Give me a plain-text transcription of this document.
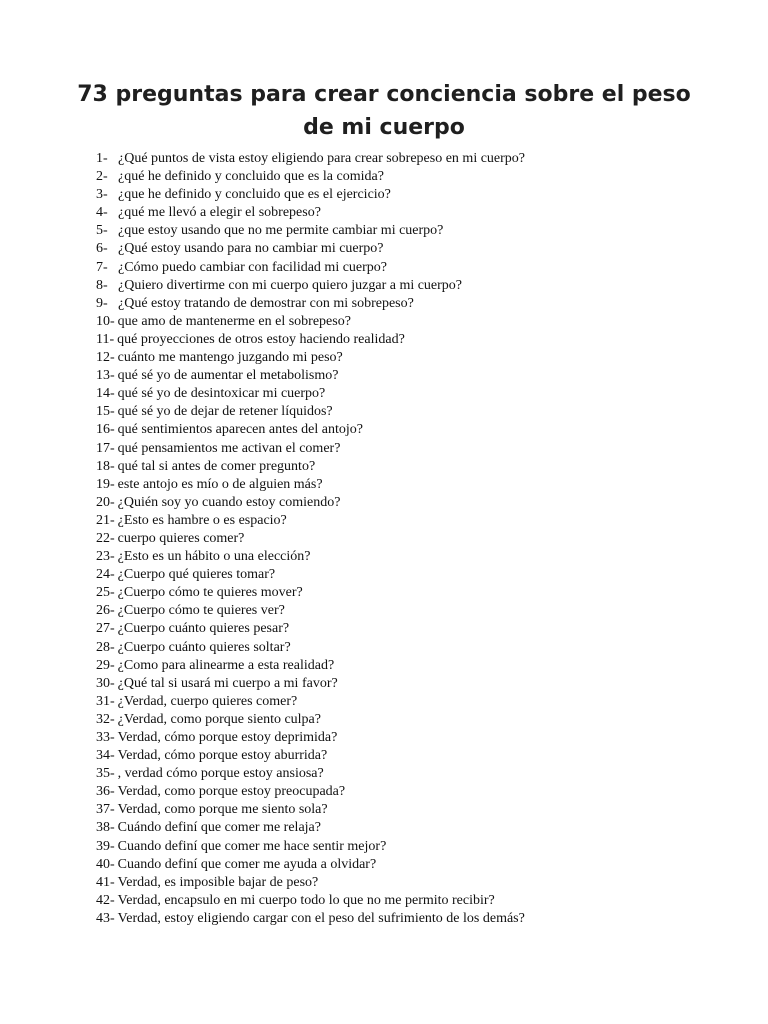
73 preguntas para crear conciencia sobre el peso de mi cuerpo
1- ¿Qué puntos de vista estoy eligiendo para crear sobrepeso en mi cuerpo?
2- ¿qué he definido y concluido que es la comida?
3- ¿que he definido y concluido que es el ejercicio?
4- ¿qué me llevó a elegir el sobrepeso?
5- ¿que estoy usando que no me permite cambiar mi cuerpo?
6- ¿Qué estoy usando para no cambiar mi cuerpo?
7- ¿Cómo puedo cambiar con facilidad mi cuerpo?
8- ¿Quiero divertirme con mi cuerpo quiero juzgar a mi cuerpo?
9- ¿Qué estoy tratando de demostrar con mi sobrepeso?
10- que amo de mantenerme en el sobrepeso?
11- qué proyecciones de otros estoy haciendo realidad?
12- cuánto me mantengo juzgando mi peso?
13- qué sé yo de aumentar el metabolismo?
14- qué sé yo de desintoxicar mi cuerpo?
15- qué sé yo de dejar de retener líquidos?
16- qué sentimientos aparecen antes del antojo?
17- qué pensamientos me activan el comer?
18- qué tal si antes de comer pregunto?
19- este antojo es mío o de alguien más?
20- ¿Quién soy yo cuando estoy comiendo?
21- ¿Esto es hambre o es espacio?
22- cuerpo quieres comer?
23- ¿Esto es un hábito o una elección?
24- ¿Cuerpo qué quieres tomar?
25- ¿Cuerpo cómo te quieres mover?
26- ¿Cuerpo cómo te quieres ver?
27- ¿Cuerpo cuánto quieres pesar?
28- ¿Cuerpo cuánto quieres soltar?
29- ¿Como para alinearme a esta realidad?
30- ¿Qué tal si usará mi cuerpo a mi favor?
31- ¿Verdad, cuerpo quieres comer?
32- ¿Verdad, como porque siento culpa?
33- Verdad, cómo porque estoy deprimida?
34- Verdad, cómo porque estoy aburrida?
35- , verdad cómo porque estoy ansiosa?
36- Verdad, como porque estoy preocupada?
37- Verdad, como porque me siento sola?
38- Cuándo definí que comer me relaja?
39- Cuando definí que comer me hace sentir mejor?
40- Cuando definí que comer me ayuda a olvidar?
41- Verdad, es imposible bajar de peso?
42- Verdad, encapsulo en mi cuerpo todo lo que no me permito recibir?
43- Verdad, estoy eligiendo cargar con el peso del sufrimiento de los demás?
